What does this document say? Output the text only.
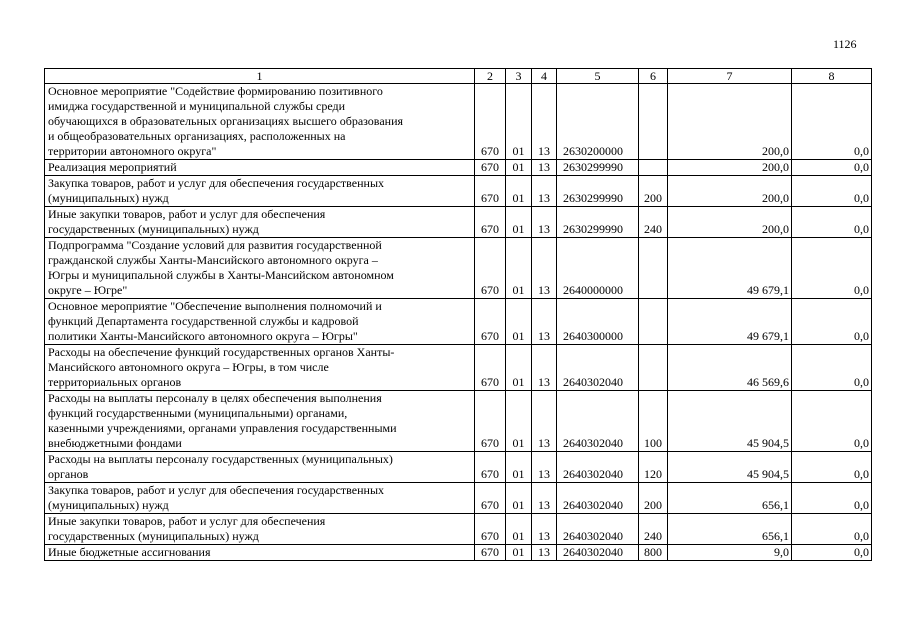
1126
1	2	3	4	5	6	7	8

Основное мероприятие "Содействие формированию позитивного
имиджа государственной и муниципальной службы среди
обучающихся в образовательных организациях высшего образования
и общеобразовательных организациях, расположенных на
территории автономного округа"	670	01	13	2630200000		200,0	0,0

Реализация мероприятий	670	01	13	2630299990		200,0	0,0

Закупка товаров, работ и услуг для обеспечения государственных
(муниципальных) нужд	670	01	13	2630299990	200	200,0	0,0

Иные закупки товаров, работ и услуг для обеспечения
государственных (муниципальных) нужд	670	01	13	2630299990	240	200,0	0,0

Подпрограмма "Создание условий для развития государственной
гражданской службы Ханты-Мансийского автономного округа –
Югры и муниципальной службы в Ханты-Мансийском автономном
округе – Югре"	670	01	13	2640000000		49 679,1	0,0

Основное мероприятие "Обеспечение выполнения полномочий и
функций Департамента государственной службы и кадровой
политики Ханты-Мансийского автономного округа – Югры"	670	01	13	2640300000		49 679,1	0,0

Расходы на обеспечение функций государственных органов Ханты-
Мансийского автономного округа – Югры, в том числе
территориальных органов	670	01	13	2640302040		46 569,6	0,0

Расходы на выплаты персоналу в целях обеспечения выполнения
функций государственными (муниципальными) органами,
казенными учреждениями, органами управления государственными
внебюджетными фондами	670	01	13	2640302040	100	45 904,5	0,0

Расходы на выплаты персоналу государственных (муниципальных)
органов	670	01	13	2640302040	120	45 904,5	0,0

Закупка товаров, работ и услуг для обеспечения государственных
(муниципальных) нужд	670	01	13	2640302040	200	656,1	0,0

Иные закупки товаров, работ и услуг для обеспечения
государственных (муниципальных) нужд	670	01	13	2640302040	240	656,1	0,0

Иные бюджетные ассигнования	670	01	13	2640302040	800	9,0	0,0
